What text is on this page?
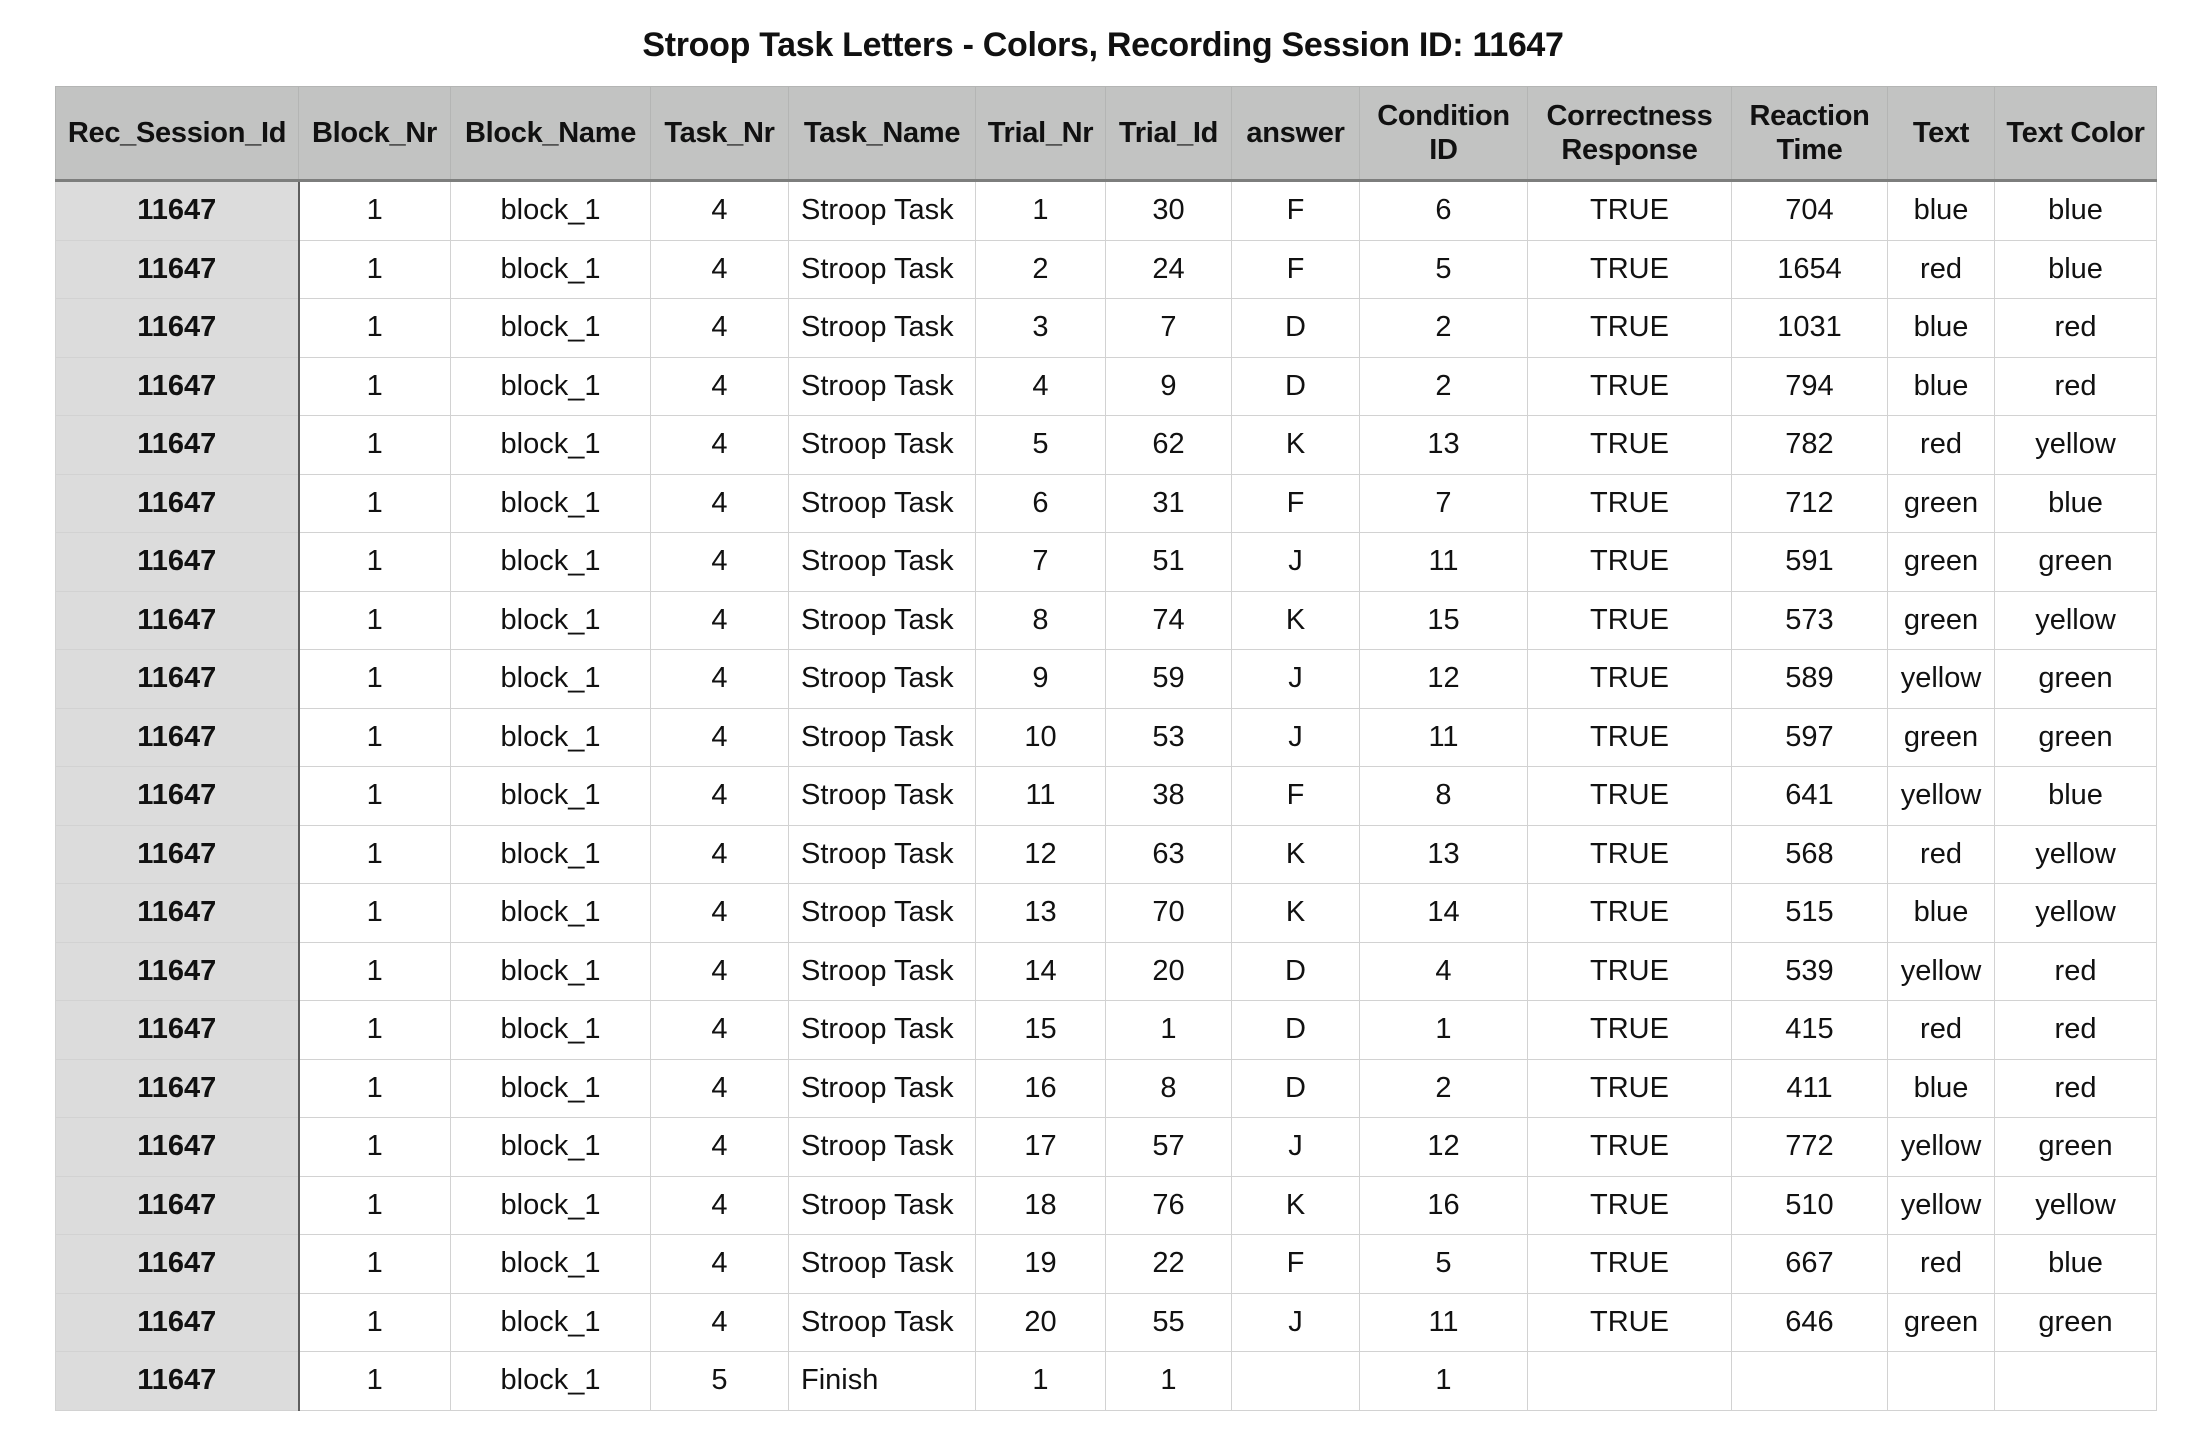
Stroop Task Letters - Colors, Recording Session ID: 11647
Rec_Session_Id	Block_Nr	Block_Name	Task_Nr	Task_Name	Trial_Nr	Trial_Id	answer	Condition ID	Correctness Response	Reaction Time	Text	Text Color
11647	1	block_1	4	Stroop Task	1	30	F	6	TRUE	704	blue	blue
11647	1	block_1	4	Stroop Task	2	24	F	5	TRUE	1654	red	blue
11647	1	block_1	4	Stroop Task	3	7	D	2	TRUE	1031	blue	red
11647	1	block_1	4	Stroop Task	4	9	D	2	TRUE	794	blue	red
11647	1	block_1	4	Stroop Task	5	62	K	13	TRUE	782	red	yellow
11647	1	block_1	4	Stroop Task	6	31	F	7	TRUE	712	green	blue
11647	1	block_1	4	Stroop Task	7	51	J	11	TRUE	591	green	green
11647	1	block_1	4	Stroop Task	8	74	K	15	TRUE	573	green	yellow
11647	1	block_1	4	Stroop Task	9	59	J	12	TRUE	589	yellow	green
11647	1	block_1	4	Stroop Task	10	53	J	11	TRUE	597	green	green
11647	1	block_1	4	Stroop Task	11	38	F	8	TRUE	641	yellow	blue
11647	1	block_1	4	Stroop Task	12	63	K	13	TRUE	568	red	yellow
11647	1	block_1	4	Stroop Task	13	70	K	14	TRUE	515	blue	yellow
11647	1	block_1	4	Stroop Task	14	20	D	4	TRUE	539	yellow	red
11647	1	block_1	4	Stroop Task	15	1	D	1	TRUE	415	red	red
11647	1	block_1	4	Stroop Task	16	8	D	2	TRUE	411	blue	red
11647	1	block_1	4	Stroop Task	17	57	J	12	TRUE	772	yellow	green
11647	1	block_1	4	Stroop Task	18	76	K	16	TRUE	510	yellow	yellow
11647	1	block_1	4	Stroop Task	19	22	F	5	TRUE	667	red	blue
11647	1	block_1	4	Stroop Task	20	55	J	11	TRUE	646	green	green
11647	1	block_1	5	Finish	1	1		1				
